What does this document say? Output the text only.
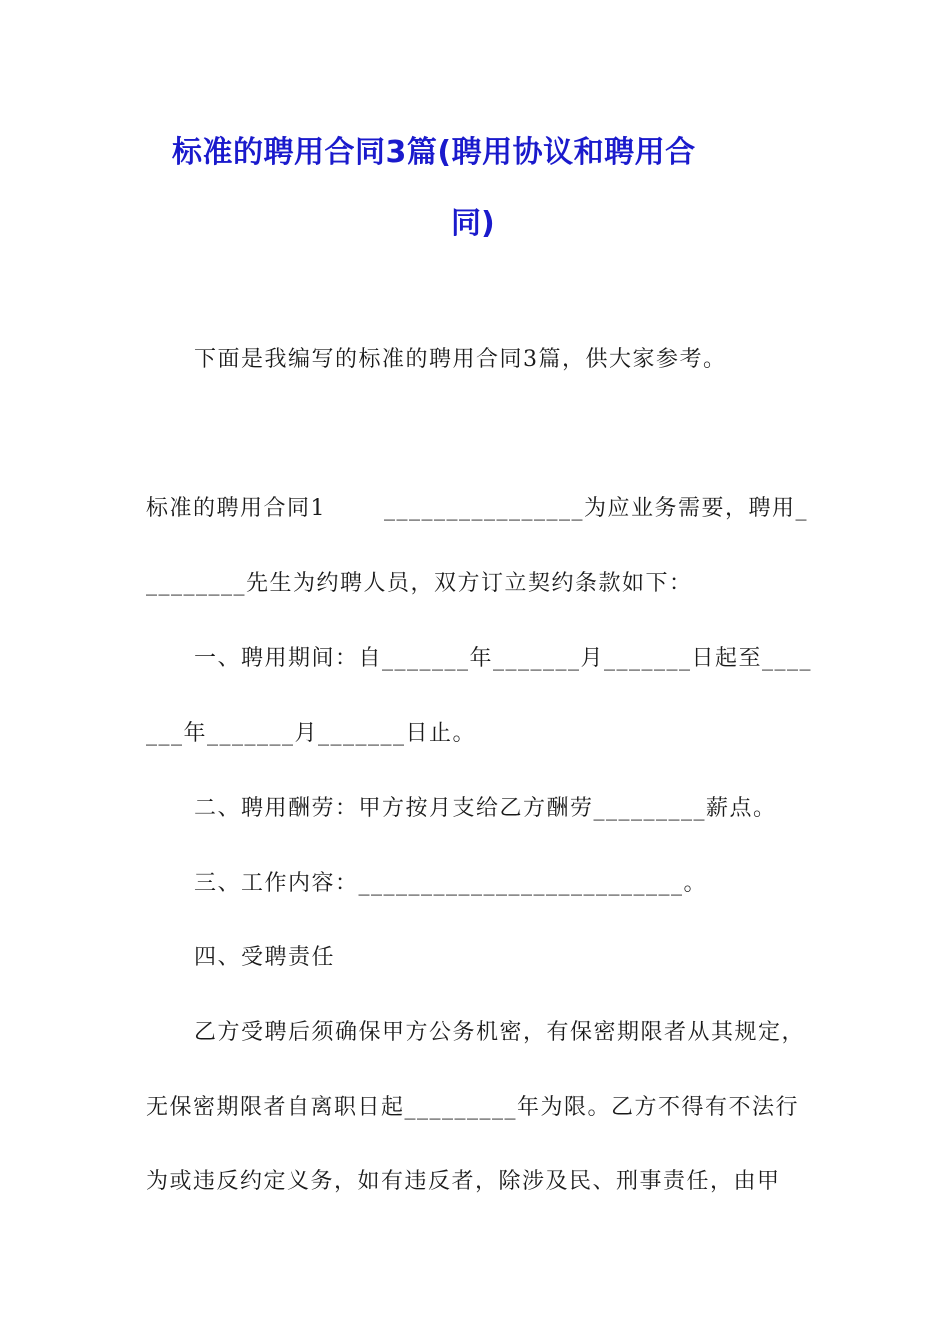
标准的聘用合同3篇(聘用协议和聘用合
同)
下面是我编写的标准的聘用合同3篇，供大家参考。
标准的聘用合同1	________________为应业务需要，聘用_
________先生为约聘人员，双方订立契约条款如下：
一、聘用期间：自_______年_______月_______日起至____
___年_______月_______日止。
二、聘用酬劳：甲方按月支给乙方酬劳_________薪点。
三、工作内容：__________________________。
四、受聘责任
乙方受聘后须确保甲方公务机密，有保密期限者从其规定，
无保密期限者自离职日起_________年为限。乙方不得有不法行
为或违反约定义务，如有违反者，除涉及民、刑事责任，由甲
